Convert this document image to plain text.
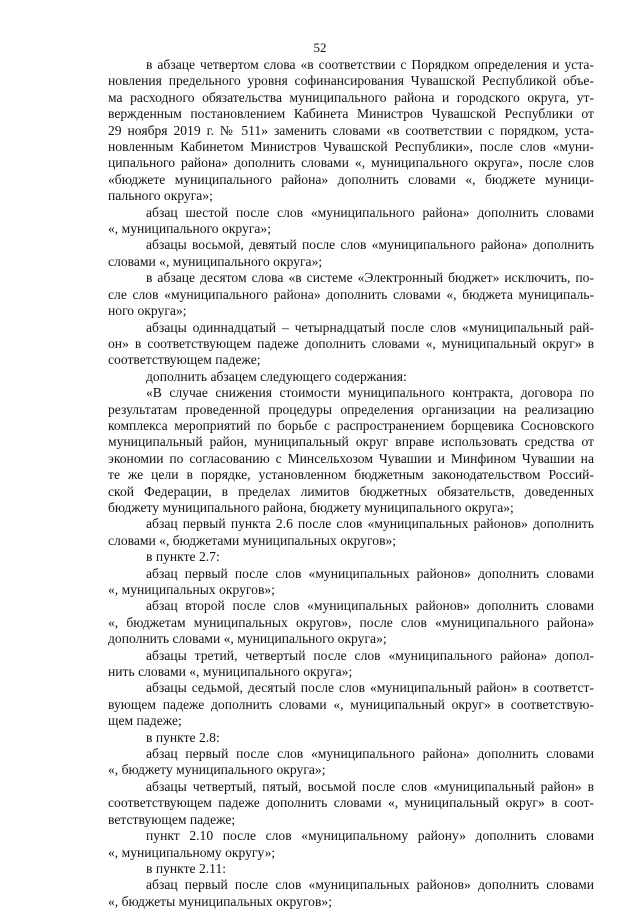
52

в абзаце четвертом слова «в соответствии с Порядком определения и уста-
новления предельного уровня софинансирования Чувашской Республикой объе-
ма расходного обязательства муниципального района и городского округа, ут-
вержденным постановлением Кабинета Министров Чувашской Республики от
29 ноября 2019 г. № 511» заменить словами «в соответствии с порядком, уста-
новленным Кабинетом Министров Чувашской Республики», после слов «муни-
ципального района» дополнить словами «, муниципального округа», после слов
«бюджете муниципального района» дополнить словами «, бюджете муници-
пального округа»;

абзац шестой после слов «муниципального района» дополнить словами
«, муниципального округа»;

абзацы восьмой, девятый после слов «муниципального района» дополнить
словами «, муниципального округа»;

в абзаце десятом слова «в системе «Электронный бюджет» исключить, по-
сле слов «муниципального района» дополнить словами «, бюджета муниципаль-
ного округа»;

абзацы одиннадцатый – четырнадцатый после слов «муниципальный рай-
он» в соответствующем падеже дополнить словами «, муниципальный округ» в
соответствующем падеже;

дополнить абзацем следующего содержания:

«В случае снижения стоимости муниципального контракта, договора по
результатам проведенной процедуры определения организации на реализацию
комплекса мероприятий по борьбе с распространением борщевика Сосновского
муниципальный район, муниципальный округ вправе использовать средства от
экономии по согласованию с Минсельхозом Чувашии и Минфином Чувашии на
те же цели в порядке, установленном бюджетным законодательством Россий-
ской Федерации, в пределах лимитов бюджетных обязательств, доведенных
бюджету муниципального района, бюджету муниципального округа»;

абзац первый пункта 2.6 после слов «муниципальных районов» дополнить
словами «, бюджетами муниципальных округов»;

в пункте 2.7:

абзац первый после слов «муниципальных районов» дополнить словами
«, муниципальных округов»;

абзац второй после слов «муниципальных районов» дополнить словами
«, бюджетам муниципальных округов», после слов «муниципального района»
дополнить словами «, муниципального округа»;

абзацы третий, четвертый после слов «муниципального района» допол-
нить словами «, муниципального округа»;

абзацы седьмой, десятый после слов «муниципальный район» в соответст-
вующем падеже дополнить словами «, муниципальный округ» в соответствую-
щем падеже;

в пункте 2.8:

абзац первый после слов «муниципального района» дополнить словами
«, бюджету муниципального округа»;

абзацы четвертый, пятый, восьмой после слов «муниципальный район» в
соответствующем падеже дополнить словами «, муниципальный округ» в соот-
ветствующем падеже;

пункт 2.10 после слов «муниципальному району» дополнить словами
«, муниципальному округу»;

в пункте 2.11:

абзац первый после слов «муниципальных районов» дополнить словами
«, бюджеты муниципальных округов»;
